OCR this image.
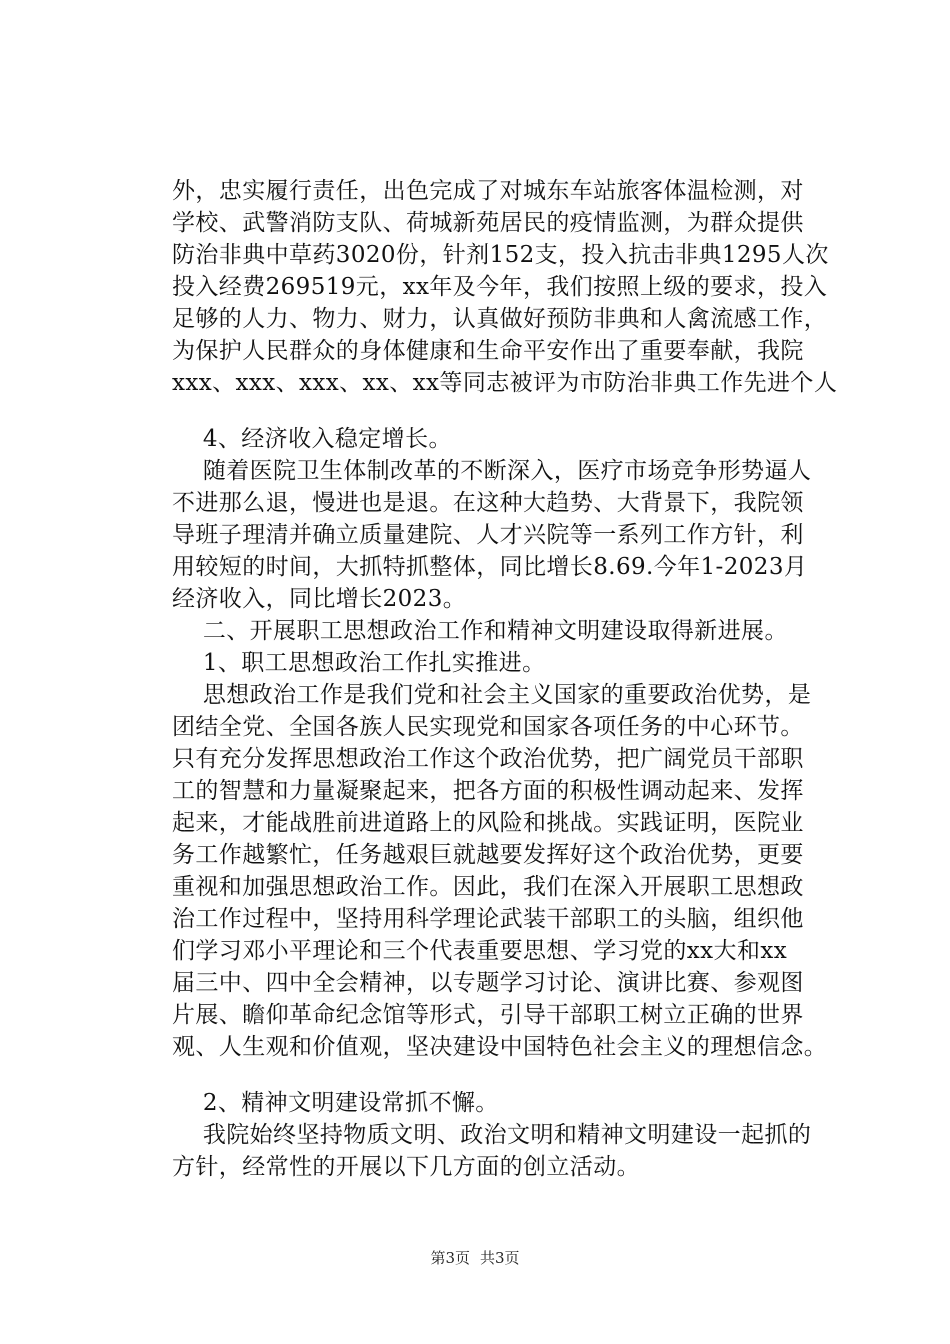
外，忠实履行责任，出色完成了对城东车站旅客体温检测，对
学校、武警消防支队、荷城新苑居民的疫情监测，为群众提供
防治非典中草药3020份，针剂152支，投入抗击非典1295人次
投入经费269519元，xx年及今年，我们按照上级的要求，投入
足够的人力、物力、财力，认真做好预防非典和人禽流感工作，
为保护人民群众的身体健康和生命平安作出了重要奉献，我院
xxx、xxx、xxx、xx、xx等同志被评为市防治非典工作先进个人
4、经济收入稳定增长。
随着医院卫生体制改革的不断深入，医疗市场竞争形势逼人
不进那么退，慢进也是退。在这种大趋势、大背景下，我院领
导班子理清并确立质量建院、人才兴院等一系列工作方针，利
用较短的时间，大抓特抓整体，同比增长8.69.今年1-2023月
经济收入，同比增长2023。
二、开展职工思想政治工作和精神文明建设取得新进展。
1、职工思想政治工作扎实推进。
思想政治工作是我们党和社会主义国家的重要政治优势，是
团结全党、全国各族人民实现党和国家各项任务的中心环节。
只有充分发挥思想政治工作这个政治优势，把广阔党员干部职
工的智慧和力量凝聚起来，把各方面的积极性调动起来、发挥
起来，才能战胜前进道路上的风险和挑战。实践证明，医院业
务工作越繁忙，任务越艰巨就越要发挥好这个政治优势，更要
重视和加强思想政治工作。因此，我们在深入开展职工思想政
治工作过程中，坚持用科学理论武装干部职工的头脑，组织他
们学习邓小平理论和三个代表重要思想、学习党的xx大和xx
届三中、四中全会精神，以专题学习讨论、演讲比赛、参观图
片展、瞻仰革命纪念馆等形式，引导干部职工树立正确的世界
观、人生观和价值观，坚决建设中国特色社会主义的理想信念。
2、精神文明建设常抓不懈。
我院始终坚持物质文明、政治文明和精神文明建设一起抓的
方针，经常性的开展以下几方面的创立活动。
第3页 共3页
